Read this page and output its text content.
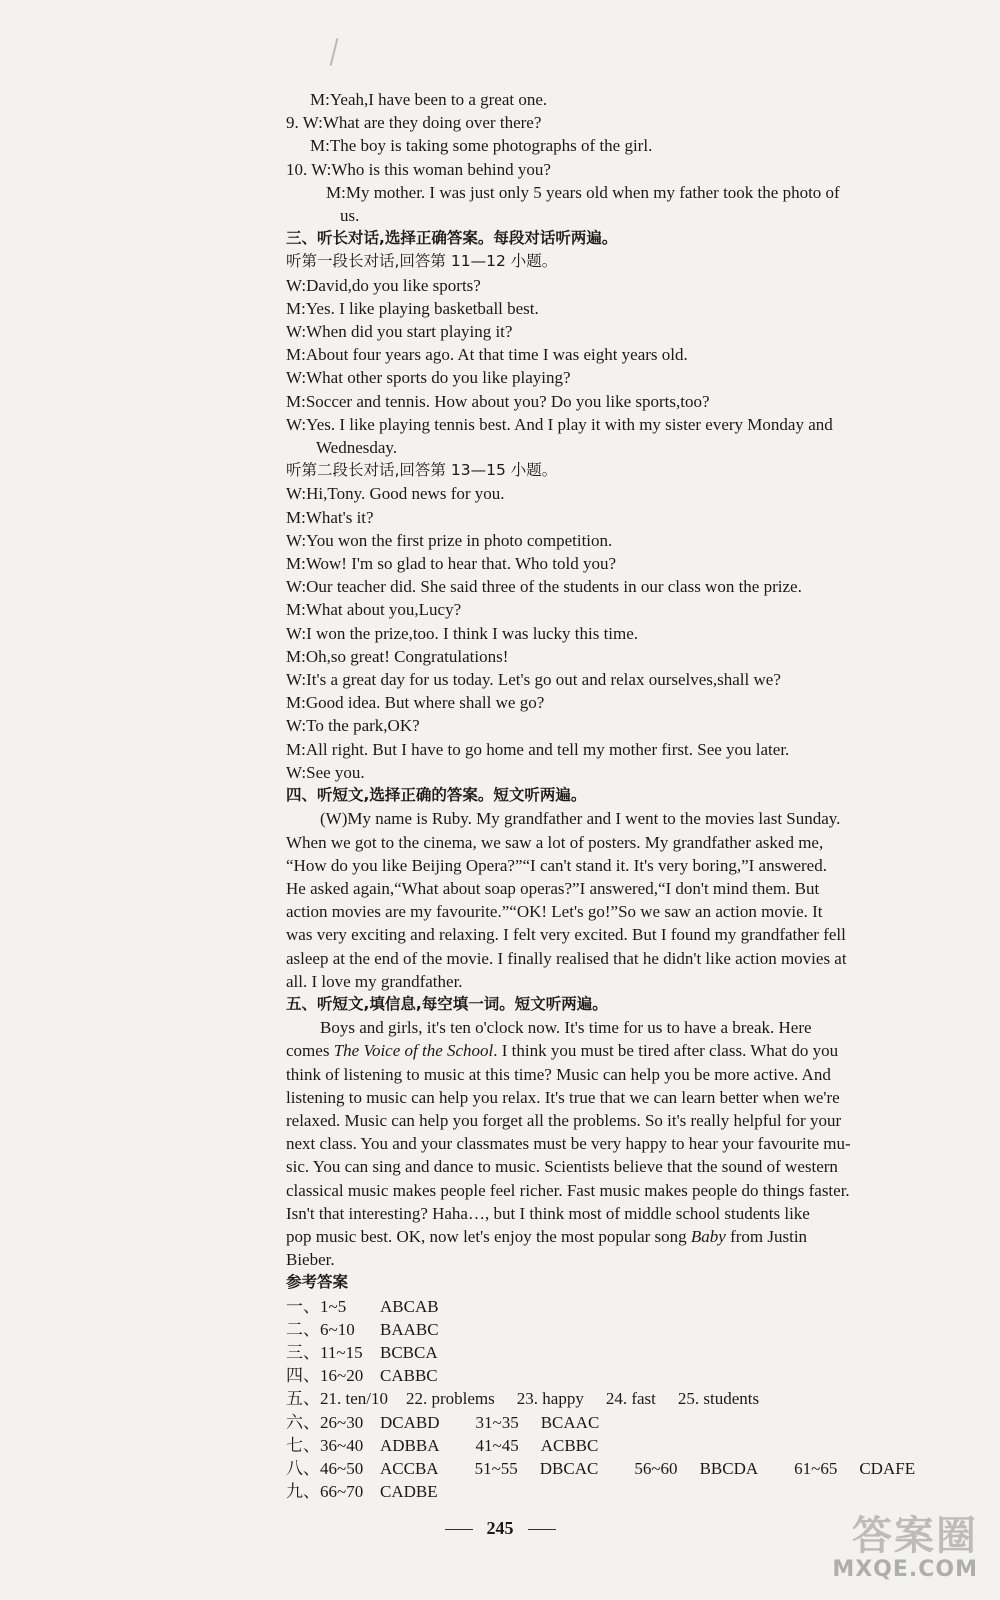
M:Yeah,I have been to a great one.
9. W:What are they doing over there?
M:The boy is taking some photographs of the girl.
10. W:Who is this woman behind you?
M:My mother. I was just only 5 years old when my father took the photo of
us.
三、听长对话,选择正确答案。每段对话听两遍。
听第一段长对话,回答第 11—12 小题。
W:David,do you like sports?
M:Yes. I like playing basketball best.
W:When did you start playing it?
M:About four years ago. At that time I was eight years old.
W:What other sports do you like playing?
M:Soccer and tennis. How about you? Do you like sports,too?
W:Yes. I like playing tennis best. And I play it with my sister every Monday and
Wednesday.
听第二段长对话,回答第 13—15 小题。
W:Hi,Tony. Good news for you.
M:What's it?
W:You won the first prize in photo competition.
M:Wow! I'm so glad to hear that. Who told you?
W:Our teacher did. She said three of the students in our class won the prize.
M:What about you,Lucy?
W:I won the prize,too. I think I was lucky this time.
M:Oh,so great! Congratulations!
W:It's a great day for us today. Let's go out and relax ourselves,shall we?
M:Good idea. But where shall we go?
W:To the park,OK?
M:All right. But I have to go home and tell my mother first. See you later.
W:See you.
四、听短文,选择正确的答案。短文听两遍。
(W)My name is Ruby. My grandfather and I went to the movies last Sunday.
When we got to the cinema, we saw a lot of posters. My grandfather asked me,
“How do you like Beijing Opera?”“I can't stand it. It's very boring,”I answered.
He asked again,“What about soap operas?”I answered,“I don't mind them. But
action movies are my favourite.”“OK! Let's go!”So we saw an action movie. It
was very exciting and relaxing. I felt very excited. But I found my grandfather fell
asleep at the end of the movie. I finally realised that he didn't like action movies at
all. I love my grandfather.
五、听短文,填信息,每空填一词。短文听两遍。
Boys and girls, it's ten o'clock now. It's time for us to have a break. Here
comes The Voice of the School. I think you must be tired after class. What do you
think of listening to music at this time? Music can help you be more active. And
listening to music can help you relax. It's true that we can learn better when we're
relaxed. Music can help you forget all the problems. So it's really helpful for your
next class. You and your classmates must be very happy to hear your favourite mu-
sic. You can sing and dance to music. Scientists believe that the sound of western
classical music makes people feel richer. Fast music makes people do things faster.
Isn't that interesting? Haha…, but I think most of middle school students like
pop music best. OK, now let's enjoy the most popular song Baby from Justin
Bieber.
参考答案
一、1~5 ABCAB
二、6~10 BAABC
三、11~15 BCBCA
四、16~20 CABBC
五、21. ten/10 22. problems 23. happy 24. fast 25. students
六、26~30 DCABD 31~35 BCAAC
七、36~40 ADBBA 41~45 ACBBC
八、46~50 ACCBA 51~55 DBCAC 56~60 BBCDA 61~65 CDAFE
九、66~70 CADBE
245	答案圈
MXQE.COM
